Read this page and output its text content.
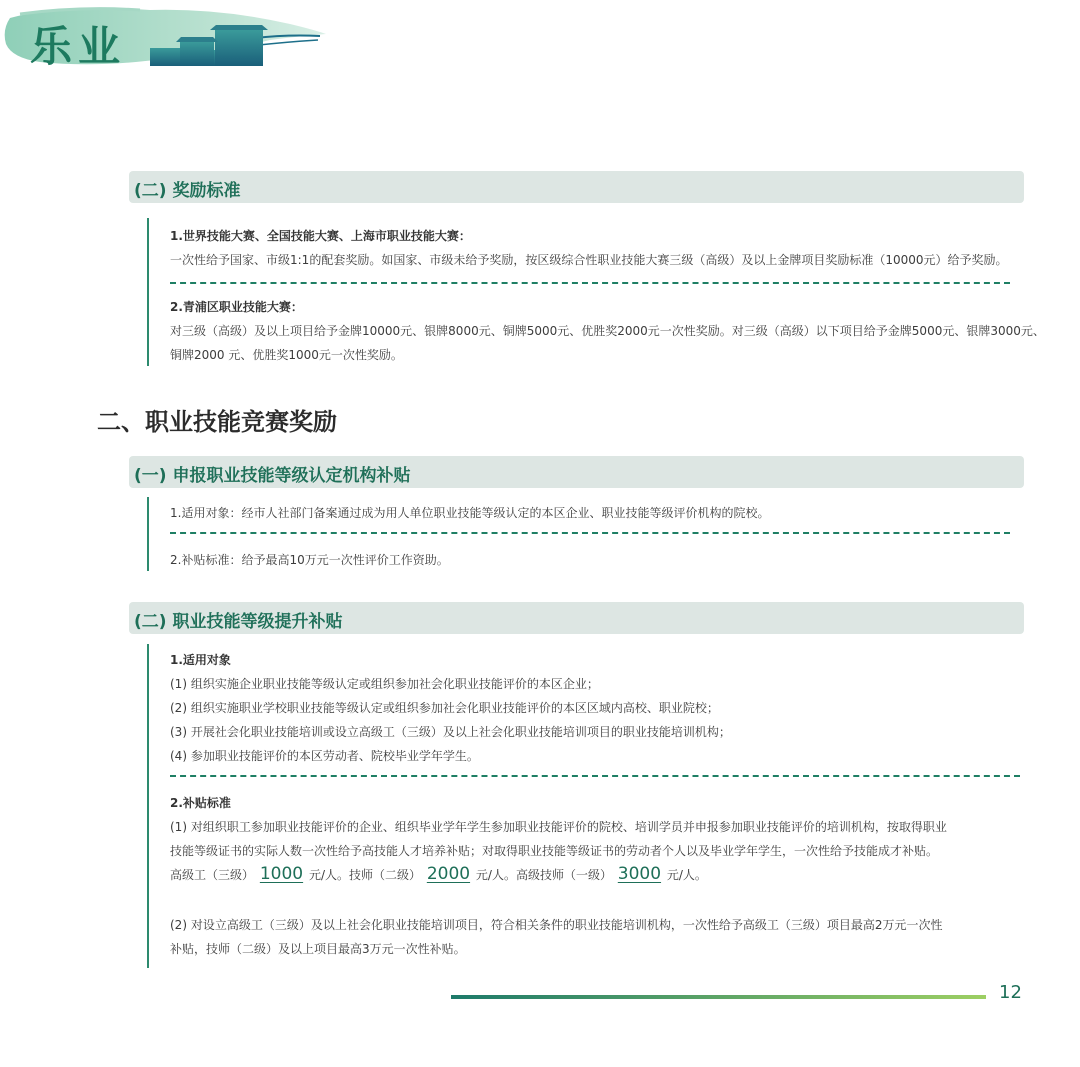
乐业
(二) 奖励标准
1.世界技能大赛、全国技能大赛、上海市职业技能大赛：
一次性给予国家、市级1:1的配套奖励。如国家、市级未给予奖励，按区级综合性职业技能大赛三级（高级）及以上金牌项目奖励标准（10000元）给予奖励。
2.青浦区职业技能大赛：
对三级（高级）及以上项目给予金牌10000元、银牌8000元、铜牌5000元、优胜奖2000元一次性奖励。对三级（高级）以下项目给予金牌5000元、银牌3000元、
铜牌2000 元、优胜奖1000元一次性奖励。
二、职业技能竞赛奖励
(一) 申报职业技能等级认定机构补贴
1.适用对象：经市人社部门备案通过成为用人单位职业技能等级认定的本区企业、职业技能等级评价机构的院校。
2.补贴标准：给予最高10万元一次性评价工作资助。
(二) 职业技能等级提升补贴
1.适用对象
(1) 组织实施企业职业技能等级认定或组织参加社会化职业技能评价的本区企业；
(2) 组织实施职业学校职业技能等级认定或组织参加社会化职业技能评价的本区区域内高校、职业院校；
(3) 开展社会化职业技能培训或设立高级工（三级）及以上社会化职业技能培训项目的职业技能培训机构；
(4) 参加职业技能评价的本区劳动者、院校毕业学年学生。
2.补贴标准
(1) 对组织职工参加职业技能评价的企业、组织毕业学年学生参加职业技能评价的院校、培训学员并申报参加职业技能评价的培训机构，按取得职业
技能等级证书的实际人数一次性给予高技能人才培养补贴；对取得职业技能等级证书的劳动者个人以及毕业学年学生，一次性给予技能成才补贴。
高级工（三级） 1000 元/人。技师（二级） 2000 元/人。高级技师（一级） 3000 元/人。
(2) 对设立高级工（三级）及以上社会化职业技能培训项目，符合相关条件的职业技能培训机构，一次性给予高级工（三级）项目最高2万元一次性
补贴，技师（二级）及以上项目最高3万元一次性补贴。
12
